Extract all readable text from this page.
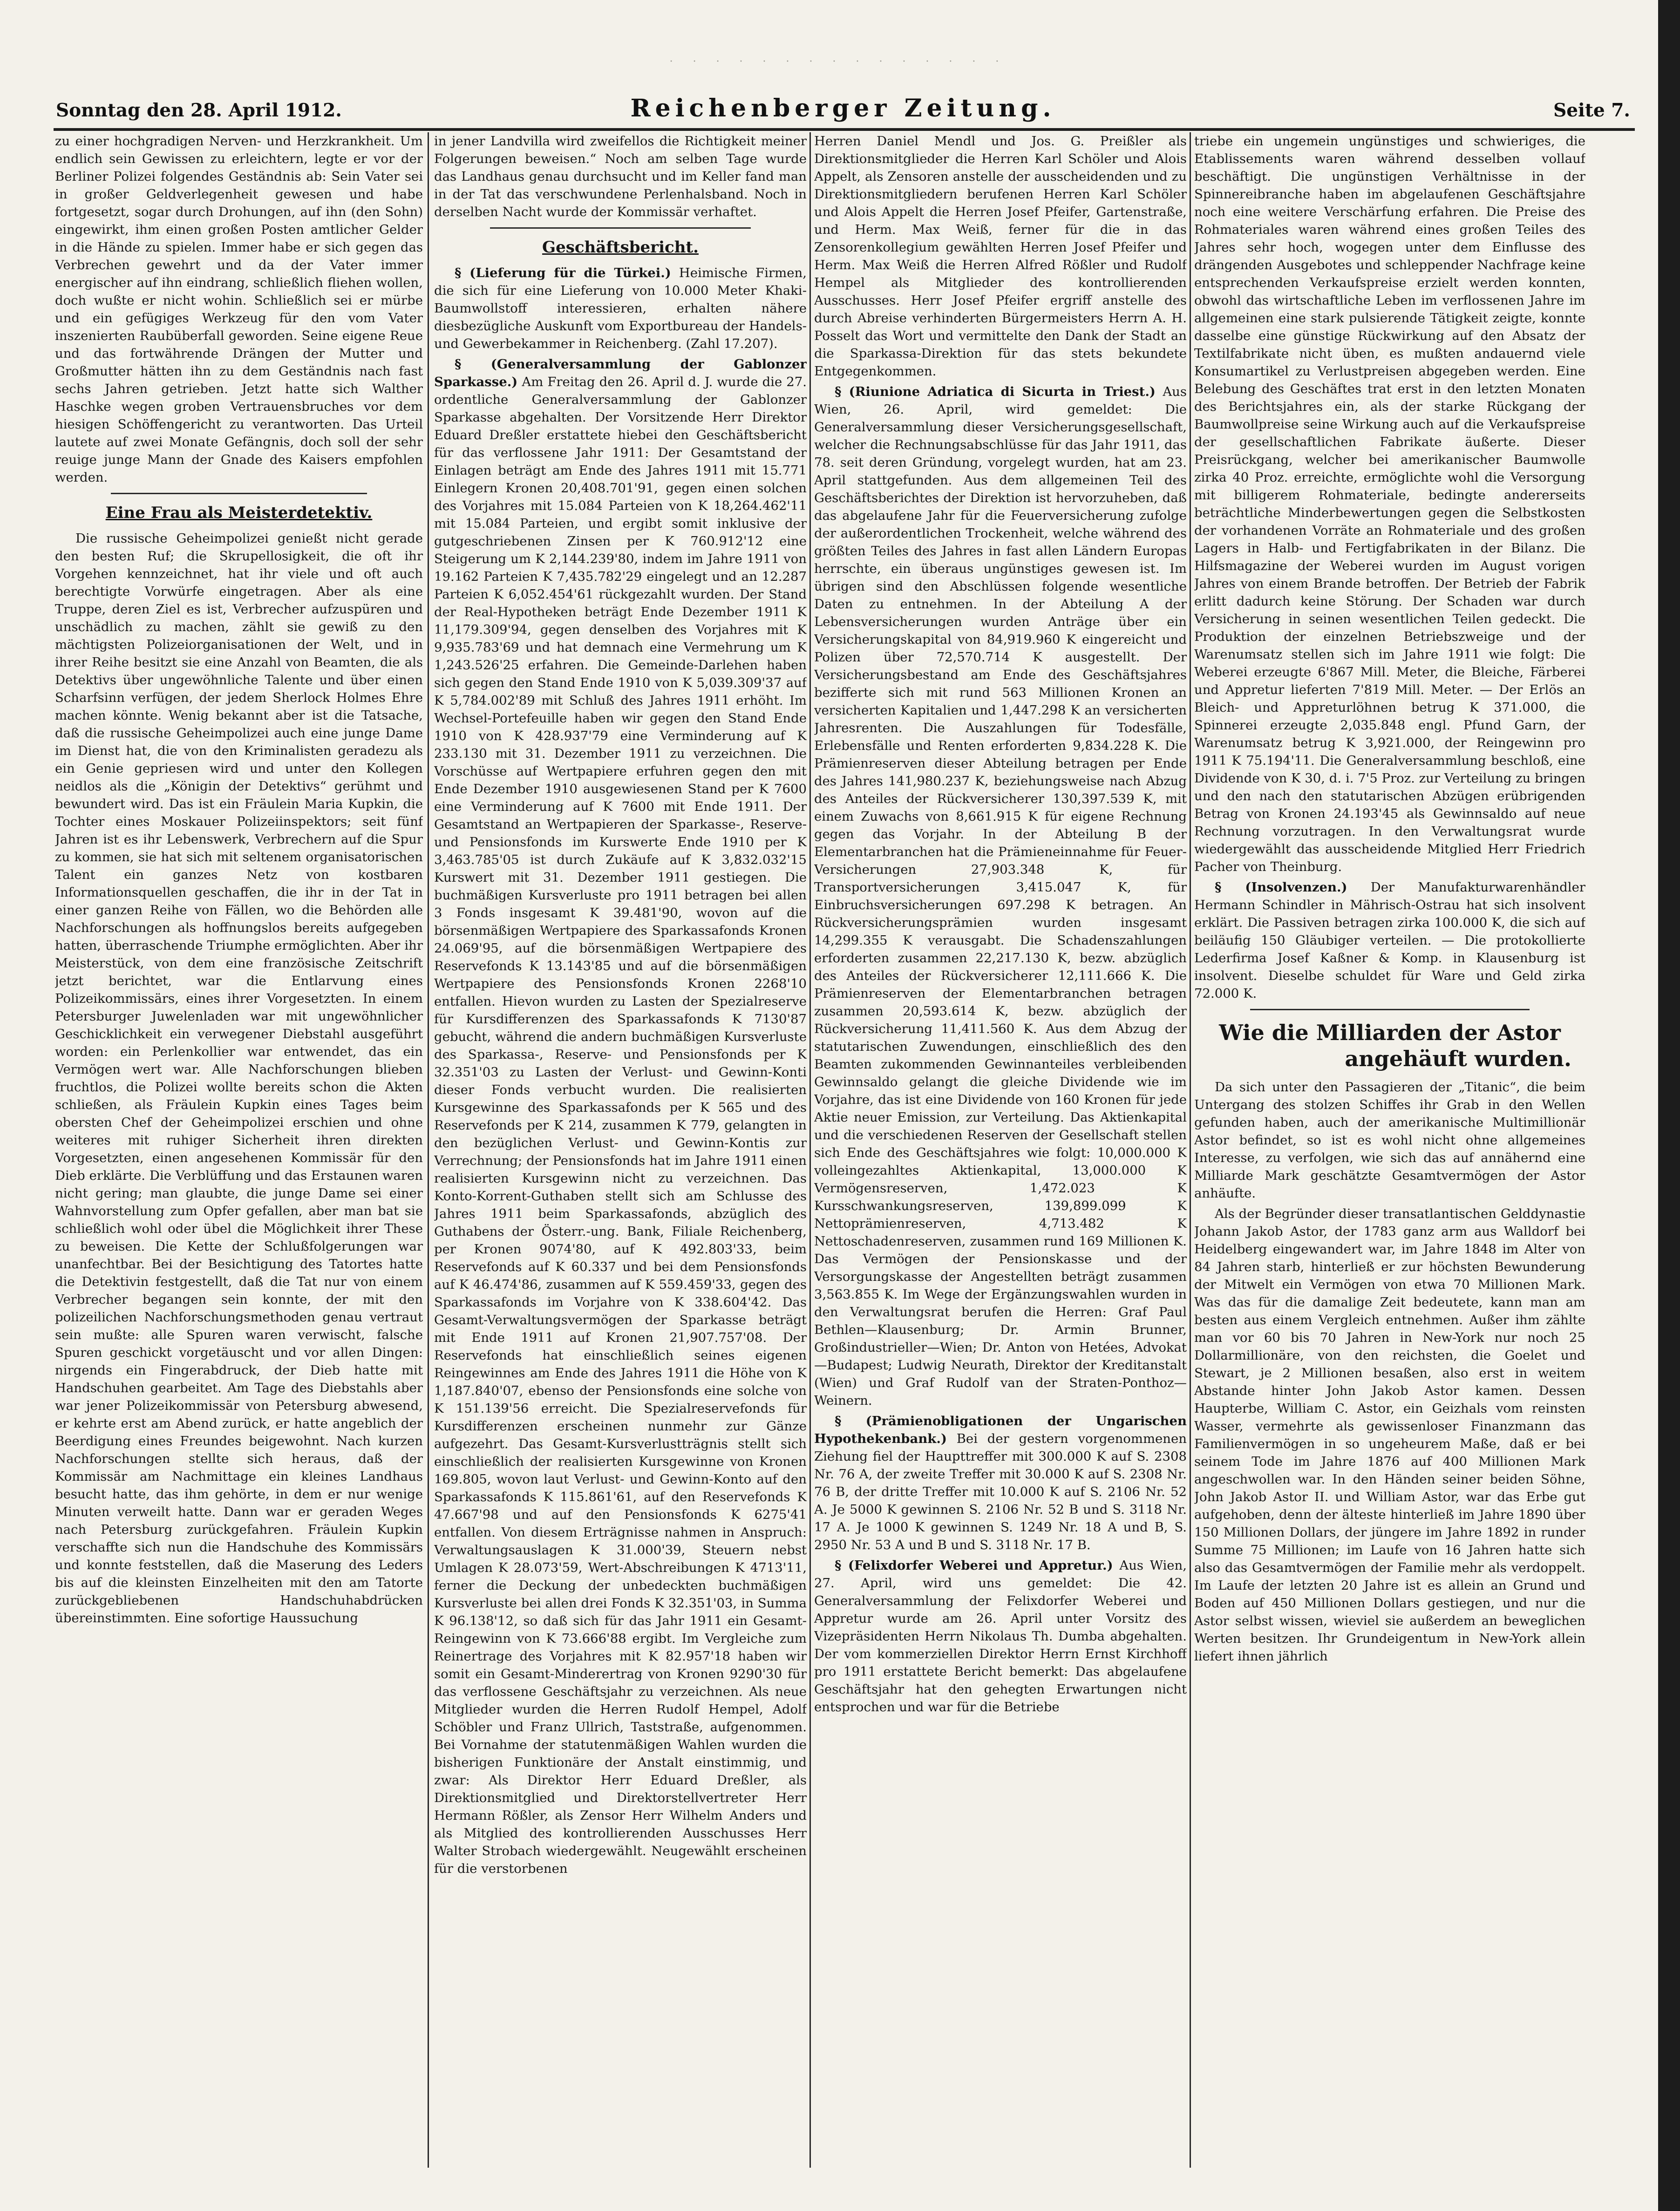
· · · · · · · · · · · · · · ·
Sonntag den 28. April 1912.	Reichenberger Zeitung.	Seite 7.

zu einer hochgradigen Nerven- und Herzkrankheit. Um endlich sein Gewissen zu erleichtern, legte er vor der Berliner Polizei folgendes Geständnis ab: Sein Vater sei in großer Geldverlegenheit gewesen und habe fortgesetzt, sogar durch Drohungen, auf ihn (den Sohn) eingewirkt, ihm einen großen Posten amtlicher Gelder in die Hände zu spielen. Immer habe er sich gegen das Verbrechen gewehrt und da der Vater immer energischer auf ihn eindrang, schließlich fliehen wollen, doch wußte er nicht wohin. Schließlich sei er mürbe und ein gefügiges Werkzeug für den vom Vater inszenierten Raubüberfall geworden. Seine eigene Reue und das fortwährende Drängen der Mutter und Großmutter hätten ihn zu dem Geständnis nach fast sechs Jahren getrieben. Jetzt hatte sich Walther Haschke wegen groben Vertrauensbruches vor dem hiesigen Schöffengericht zu verantworten. Das Urteil lautete auf zwei Monate Gefängnis, doch soll der sehr reuige junge Mann der Gnade des Kaisers empfohlen werden.

Eine Frau als Meisterdetektiv.

Die russische Geheimpolizei genießt nicht gerade den besten Ruf; die Skrupellosigkeit, die oft ihr Vorgehen kennzeichnet, hat ihr viele und oft auch berechtigte Vorwürfe eingetragen. Aber als eine Truppe, deren Ziel es ist, Verbrecher aufzuspüren und unschädlich zu machen, zählt sie gewiß zu den mächtigsten Polizeiorganisationen der Welt, und in ihrer Reihe besitzt sie eine Anzahl von Beamten, die als Detektivs über ungewöhnliche Talente und über einen Scharfsinn verfügen, der jedem Sherlock Holmes Ehre machen könnte. Wenig bekannt aber ist die Tatsache, daß die russische Geheimpolizei auch eine junge Dame im Dienst hat, die von den Kriminalisten geradezu als ein Genie gepriesen wird und unter den Kollegen neidlos als die „Königin der Detektivs“ gerühmt und bewundert wird. Das ist ein Fräulein Maria Kupkin, die Tochter eines Moskauer Polizeiinspektors; seit fünf Jahren ist es ihr Lebenswerk, Verbrechern auf die Spur zu kommen, sie hat sich mit seltenem organisatorischen Talent ein ganzes Netz von kostbaren Informationsquellen geschaffen, die ihr in der Tat in einer ganzen Reihe von Fällen, wo die Behörden alle Nachforschungen als hoffnungslos bereits aufgegeben hatten, überraschende Triumphe ermöglichten. Aber ihr Meisterstück, von dem eine französische Zeitschrift jetzt berichtet, war die Entlarvung eines Polizeikommissärs, eines ihrer Vorgesetzten. In einem Petersburger Juwelenladen war mit ungewöhnlicher Geschicklichkeit ein verwegener Diebstahl ausgeführt worden: ein Perlenkollier war entwendet, das ein Vermögen wert war. Alle Nachforschungen blieben fruchtlos, die Polizei wollte bereits schon die Akten schließen, als Fräulein Kupkin eines Tages beim obersten Chef der Geheimpolizei erschien und ohne weiteres mit ruhiger Sicherheit ihren direkten Vorgesetzten, einen angesehenen Kommissär für den Dieb erklärte. Die Verblüffung und das Erstaunen waren nicht gering; man glaubte, die junge Dame sei einer Wahnvorstellung zum Opfer gefallen, aber man bat sie schließlich wohl oder übel die Möglichkeit ihrer These zu beweisen. Die Kette der Schlußfolgerungen war unanfechtbar. Bei der Besichtigung des Tatortes hatte die Detektivin festgestellt, daß die Tat nur von einem Verbrecher begangen sein konnte, der mit den polizeilichen Nachforschungsmethoden genau vertraut sein mußte: alle Spuren waren verwischt, falsche Spuren geschickt vorgetäuscht und vor allen Dingen: nirgends ein Fingerabdruck, der Dieb hatte mit Handschuhen gearbeitet. Am Tage des Diebstahls aber war jener Polizeikommissär von Petersburg abwesend, er kehrte erst am Abend zurück, er hatte angeblich der Beerdigung eines Freundes beigewohnt. Nach kurzen Nachforschungen stellte sich heraus, daß der Kommissär am Nachmittage ein kleines Landhaus besucht hatte, das ihm gehörte, in dem er nur wenige Minuten verweilt hatte. Dann war er geraden Weges nach Petersburg zurückgefahren. Fräulein Kupkin verschaffte sich nun die Handschuhe des Kommissärs und konnte feststellen, daß die Maserung des Leders bis auf die kleinsten Einzelheiten mit den am Tatorte zurückgebliebenen Handschuhabdrücken übereinstimmten. Eine sofortige Haussuchung

in jener Landvilla wird zweifellos die Richtigkeit meiner Folgerungen beweisen.“ Noch am selben Tage wurde das Landhaus genau durchsucht und im Keller fand man in der Tat das verschwundene Perlenhalsband. Noch in derselben Nacht wurde der Kommissär verhaftet.

Geschäftsbericht.

§ (Lieferung für die Türkei.) Heimische Firmen, die sich für eine Lieferung von 10.000 Meter Khaki-Baumwollstoff interessieren, erhalten nähere diesbezügliche Auskunft vom Exportbureau der Handels- und Gewerbekammer in Reichenberg. (Zahl 17.207).

§ (Generalversammlung der Gablonzer Sparkasse.) Am Freitag den 26. April d. J. wurde die 27. ordentliche Generalversammlung der Gablonzer Sparkasse abgehalten. Der Vorsitzende Herr Direktor Eduard Dreßler erstattete hiebei den Geschäftsbericht für das verflossene Jahr 1911: Der Gesamtstand der Einlagen beträgt am Ende des Jahres 1911 mit 15.771 Einlegern Kronen 20,408.701'91, gegen einen solchen des Vorjahres mit 15.084 Parteien von K 18,264.462'11 mit 15.084 Parteien, und ergibt somit inklusive der gutgeschriebenen Zinsen per K 760.912'12 eine Steigerung um K 2,144.239'80, indem im Jahre 1911 von 19.162 Parteien K 7,435.782'29 eingelegt und an 12.287 Parteien K 6,052.454'61 rückgezahlt wurden. Der Stand der Real-Hypotheken beträgt Ende Dezember 1911 K 11,179.309'94, gegen denselben des Vorjahres mit K 9,935.783'69 und hat demnach eine Vermehrung um K 1,243.526'25 erfahren. Die Gemeinde-Darlehen haben sich gegen den Stand Ende 1910 von K 5,039.309'37 auf K 5,784.002'89 mit Schluß des Jahres 1911 erhöht. Im Wechsel-Portefeuille haben wir gegen den Stand Ende 1910 von K 428.937'79 eine Verminderung auf K 233.130 mit 31. Dezember 1911 zu verzeichnen. Die Vorschüsse auf Wertpapiere erfuhren gegen den mit Ende Dezember 1910 ausgewiesenen Stand per K 7600 eine Verminderung auf K 7600 mit Ende 1911. Der Gesamtstand an Wertpapieren der Sparkasse-, Reserve- und Pensionsfonds im Kurswerte Ende 1910 per K 3,463.785'05 ist durch Zukäufe auf K 3,832.032'15 Kurswert mit 31. Dezember 1911 gestiegen. Die buchmäßigen Kursverluste pro 1911 betragen bei allen 3 Fonds insgesamt K 39.481'90, wovon auf die börsenmäßigen Wertpapiere des Sparkassafonds Kronen 24.069'95, auf die börsenmäßigen Wertpapiere des Reservefonds K 13.143'85 und auf die börsenmäßigen Wertpapiere des Pensionsfonds Kronen 2268'10 entfallen. Hievon wurden zu Lasten der Spezialreserve für Kursdifferenzen des Sparkassafonds K 7130'87 gebucht, während die andern buchmäßigen Kursverluste des Sparkassa-, Reserve- und Pensionsfonds per K 32.351'03 zu Lasten der Verlust- und Gewinn-Konti dieser Fonds verbucht wurden. Die realisierten Kursgewinne des Sparkassafonds per K 565 und des Reservefonds per K 214, zusammen K 779, gelangten in den bezüglichen Verlust- und Gewinn-Kontis zur Verrechnung; der Pensionsfonds hat im Jahre 1911 einen realisierten Kursgewinn nicht zu verzeichnen. Das Konto-Korrent-Guthaben stellt sich am Schlusse des Jahres 1911 beim Sparkassafonds, abzüglich des Guthabens der Österr.-ung. Bank, Filiale Reichenberg, per Kronen 9074'80, auf K 492.803'33, beim Reservefonds auf K 60.337 und bei dem Pensionsfonds auf K 46.474'86, zusammen auf K 559.459'33, gegen des Sparkassafonds im Vorjahre von K 338.604'42. Das Gesamt-Verwaltungsvermögen der Sparkasse beträgt mit Ende 1911 auf Kronen 21,907.757'08. Der Reservefonds hat einschließlich seines eigenen Reingewinnes am Ende des Jahres 1911 die Höhe von K 1,187.840'07, ebenso der Pensionsfonds eine solche von K 151.139'56 erreicht. Die Spezialreservefonds für Kursdifferenzen erscheinen nunmehr zur Gänze aufgezehrt. Das Gesamt-Kursverlustträgnis stellt sich einschließlich der realisierten Kursgewinne von Kronen 169.805, wovon laut Verlust- und Gewinn-Konto auf den Sparkassafonds K 115.861'61, auf den Reservefonds K 47.667'98 und auf den Pensionsfonds K 6275'41 entfallen. Von diesem Erträgnisse nahmen in Anspruch: Verwaltungsauslagen K 31.000'39, Steuern nebst Umlagen K 28.073'59, Wert-Abschreibungen K 4713'11, ferner die Deckung der unbedeckten buchmäßigen Kursverluste bei allen drei Fonds K 32.351'03, in Summa K 96.138'12, so daß sich für das Jahr 1911 ein Gesamt-Reingewinn von K 73.666'88 ergibt. Im Vergleiche zum Reinertrage des Vorjahres mit K 82.957'18 haben wir somit ein Gesamt-Minderertrag von Kronen 9290'30 für das verflossene Geschäftsjahr zu verzeichnen. Als neue Mitglieder wurden die Herren Rudolf Hempel, Adolf Schöbler und Franz Ullrich, Taststraße, aufgenommen. Bei Vornahme der statutenmäßigen Wahlen wurden die bisherigen Funktionäre der Anstalt einstimmig, und zwar: Als Direktor Herr Eduard Dreßler, als Direktionsmitglied und Direktorstellvertreter Herr Hermann Rößler, als Zensor Herr Wilhelm Anders und als Mitglied des kontrollierenden Ausschusses Herr Walter Strobach wiedergewählt. Neugewählt erscheinen für die verstorbenen

Herren Daniel Mendl und Jos. G. Preißler als Direktionsmitglieder die Herren Karl Schöler und Alois Appelt, als Zensoren anstelle der ausscheidenden und zu Direktionsmitgliedern berufenen Herren Karl Schöler und Alois Appelt die Herren Josef Pfeifer, Gartenstraße, und Herm. Max Weiß, ferner für die in das Zensorenkollegium gewählten Herren Josef Pfeifer und Herm. Max Weiß die Herren Alfred Rößler und Rudolf Hempel als Mitglieder des kontrollierenden Ausschusses. Herr Josef Pfeifer ergriff anstelle des durch Abreise verhinderten Bürgermeisters Herrn A. H. Posselt das Wort und vermittelte den Dank der Stadt an die Sparkassa-Direktion für das stets bekundete Entgegenkommen.

§ (Riunione Adriatica di Sicurta in Triest.) Aus Wien, 26. April, wird gemeldet: Die Generalversammlung dieser Versicherungsgesellschaft, welcher die Rechnungsabschlüsse für das Jahr 1911, das 78. seit deren Gründung, vorgelegt wurden, hat am 23. April stattgefunden. Aus dem allgemeinen Teil des Geschäftsberichtes der Direktion ist hervorzuheben, daß das abgelaufene Jahr für die Feuerversicherung zufolge der außerordentlichen Trockenheit, welche während des größten Teiles des Jahres in fast allen Ländern Europas herrschte, ein überaus ungünstiges gewesen ist. Im übrigen sind den Abschlüssen folgende wesentliche Daten zu entnehmen. In der Abteilung A der Lebensversicherungen wurden Anträge über ein Versicherungskapital von 84,919.960 K eingereicht und Polizen über 72,570.714 K ausgestellt. Der Versicherungsbestand am Ende des Geschäftsjahres bezifferte sich mit rund 563 Millionen Kronen an versicherten Kapitalien und 1,447.298 K an versicherten Jahresrenten. Die Auszahlungen für Todesfälle, Erlebensfälle und Renten erforderten 9,834.228 K. Die Prämienreserven dieser Abteilung betragen per Ende des Jahres 141,980.237 K, beziehungsweise nach Abzug des Anteiles der Rückversicherer 130,397.539 K, mit einem Zuwachs von 8,661.915 K für eigene Rechnung gegen das Vorjahr. In der Abteilung B der Elementarbranchen hat die Prämieneinnahme für Feuer-Versicherungen 27,903.348 K, für Transportversicherungen 3,415.047 K, für Einbruchsversicherungen 697.298 K betragen. An Rückversicherungsprämien wurden insgesamt 14,299.355 K verausgabt. Die Schadenszahlungen erforderten zusammen 22,217.130 K, bezw. abzüglich des Anteiles der Rückversicherer 12,111.666 K. Die Prämienreserven der Elementarbranchen betragen zusammen 20,593.614 K, bezw. abzüglich der Rückversicherung 11,411.560 K. Aus dem Abzug der statutarischen Zuwendungen, einschließlich des den Beamten zukommenden Gewinnanteiles verbleibenden Gewinnsaldo gelangt die gleiche Dividende wie im Vorjahre, das ist eine Dividende von 160 Kronen für jede Aktie neuer Emission, zur Verteilung. Das Aktienkapital und die verschiedenen Reserven der Gesellschaft stellen sich Ende des Geschäftsjahres wie folgt: 10,000.000 K volleingezahltes Aktienkapital, 13,000.000 K Vermögensreserven, 1,472.023 K Kursschwankungsreserven, 139,899.099 K Nettoprämienreserven, 4,713.482 K Nettoschadenreserven, zusammen rund 169 Millionen K. Das Vermögen der Pensionskasse und der Versorgungskasse der Angestellten beträgt zusammen 3,563.855 K. Im Wege der Ergänzungswahlen wurden in den Verwaltungsrat berufen die Herren: Graf Paul Bethlen—Klausenburg; Dr. Armin Brunner, Großindustrieller—Wien; Dr. Anton von Hetées, Advokat—Budapest; Ludwig Neurath, Direktor der Kreditanstalt (Wien) und Graf Rudolf van der Straten-Ponthoz—Weinern.

§ (Prämienobligationen der Ungarischen Hypothekenbank.) Bei der gestern vorgenommenen Ziehung fiel der Haupttreffer mit 300.000 K auf S. 2308 Nr. 76 A, der zweite Treffer mit 30.000 K auf S. 2308 Nr. 76 B, der dritte Treffer mit 10.000 K auf S. 2106 Nr. 52 A. Je 5000 K gewinnen S. 2106 Nr. 52 B und S. 3118 Nr. 17 A. Je 1000 K gewinnen S. 1249 Nr. 18 A und B, S. 2950 Nr. 53 A und B und S. 3118 Nr. 17 B.

§ (Felixdorfer Weberei und Appretur.) Aus Wien, 27. April, wird uns gemeldet: Die 42. Generalversammlung der Felixdorfer Weberei und Appretur wurde am 26. April unter Vorsitz des Vizepräsidenten Herrn Nikolaus Th. Dumba abgehalten. Der vom kommerziellen Direktor Herrn Ernst Kirchhoff pro 1911 erstattete Bericht bemerkt: Das abgelaufene Geschäftsjahr hat den gehegten Erwartungen nicht entsprochen und war für die Betriebe

triebe ein ungemein ungünstiges und schwieriges, die Etablissements waren während desselben vollauf beschäftigt. Die ungünstigen Verhältnisse in der Spinnereibranche haben im abgelaufenen Geschäftsjahre noch eine weitere Verschärfung erfahren. Die Preise des Rohmateriales waren während eines großen Teiles des Jahres sehr hoch, wogegen unter dem Einflusse des drängenden Ausgebotes und schleppender Nachfrage keine entsprechenden Verkaufspreise erzielt werden konnten, obwohl das wirtschaftliche Leben im verflossenen Jahre im allgemeinen eine stark pulsierende Tätigkeit zeigte, konnte dasselbe eine günstige Rückwirkung auf den Absatz der Textilfabrikate nicht üben, es mußten andauernd viele Konsumartikel zu Verlustpreisen abgegeben werden. Eine Belebung des Geschäftes trat erst in den letzten Monaten des Berichtsjahres ein, als der starke Rückgang der Baumwollpreise seine Wirkung auch auf die Verkaufspreise der gesellschaftlichen Fabrikate äußerte. Dieser Preisrückgang, welcher bei amerikanischer Baumwolle zirka 40 Proz. erreichte, ermöglichte wohl die Versorgung mit billigerem Rohmateriale, bedingte andererseits beträchtliche Minderbewertungen gegen die Selbstkosten der vorhandenen Vorräte an Rohmateriale und des großen Lagers in Halb- und Fertigfabrikaten in der Bilanz. Die Hilfsmagazine der Weberei wurden im August vorigen Jahres von einem Brande betroffen. Der Betrieb der Fabrik erlitt dadurch keine Störung. Der Schaden war durch Versicherung in seinen wesentlichen Teilen gedeckt. Die Produktion der einzelnen Betriebszweige und der Warenumsatz stellen sich im Jahre 1911 wie folgt: Die Weberei erzeugte 6'867 Mill. Meter, die Bleiche, Färberei und Appretur lieferten 7'819 Mill. Meter. — Der Erlös an Bleich- und Appreturlöhnen betrug K 371.000, die Spinnerei erzeugte 2,035.848 engl. Pfund Garn, der Warenumsatz betrug K 3,921.000, der Reingewinn pro 1911 K 75.194'11. Die Generalversammlung beschloß, eine Dividende von K 30, d. i. 7'5 Proz. zur Verteilung zu bringen und den nach den statutarischen Abzügen erübrigenden Betrag von Kronen 24.193'45 als Gewinnsaldo auf neue Rechnung vorzutragen. In den Verwaltungsrat wurde wiedergewählt das ausscheidende Mitglied Herr Friedrich Pacher von Theinburg.

§ (Insolvenzen.) Der Manufakturwarenhändler Hermann Schindler in Mährisch-Ostrau hat sich insolvent erklärt. Die Passiven betragen zirka 100.000 K, die sich auf beiläufig 150 Gläubiger verteilen. — Die protokollierte Lederfirma Josef Kaßner & Komp. in Klausenburg ist insolvent. Dieselbe schuldet für Ware und Geld zirka 72.000 K.

Wie die Milliarden der Astor
angehäuft wurden.

Da sich unter den Passagieren der „Titanic“, die beim Untergang des stolzen Schiffes ihr Grab in den Wellen gefunden haben, auch der amerikanische Multimillionär Astor befindet, so ist es wohl nicht ohne allgemeines Interesse, zu verfolgen, wie sich das auf annähernd eine Milliarde Mark geschätzte Gesamtvermögen der Astor anhäufte.

Als der Begründer dieser transatlantischen Gelddynastie Johann Jakob Astor, der 1783 ganz arm aus Walldorf bei Heidelberg eingewandert war, im Jahre 1848 im Alter von 84 Jahren starb, hinterließ er zur höchsten Bewunderung der Mitwelt ein Vermögen von etwa 70 Millionen Mark. Was das für die damalige Zeit bedeutete, kann man am besten aus einem Vergleich entnehmen. Außer ihm zählte man vor 60 bis 70 Jahren in New-York nur noch 25 Dollarmillionäre, von den reichsten, die Goelet und Stewart, je 2 Millionen besaßen, also erst in weitem Abstande hinter John Jakob Astor kamen. Dessen Haupterbe, William C. Astor, ein Geizhals vom reinsten Wasser, vermehrte als gewissenloser Finanzmann das Familienvermögen in so ungeheurem Maße, daß er bei seinem Tode im Jahre 1876 auf 400 Millionen Mark angeschwollen war. In den Händen seiner beiden Söhne, John Jakob Astor II. und William Astor, war das Erbe gut aufgehoben, denn der älteste hinterließ im Jahre 1890 über 150 Millionen Dollars, der jüngere im Jahre 1892 in runder Summe 75 Millionen; im Laufe von 16 Jahren hatte sich also das Gesamtvermögen der Familie mehr als verdoppelt. Im Laufe der letzten 20 Jahre ist es allein an Grund und Boden auf 450 Millionen Dollars gestiegen, und nur die Astor selbst wissen, wieviel sie außerdem an beweglichen Werten besitzen. Ihr Grundeigentum in New-York allein liefert ihnen jährlich
